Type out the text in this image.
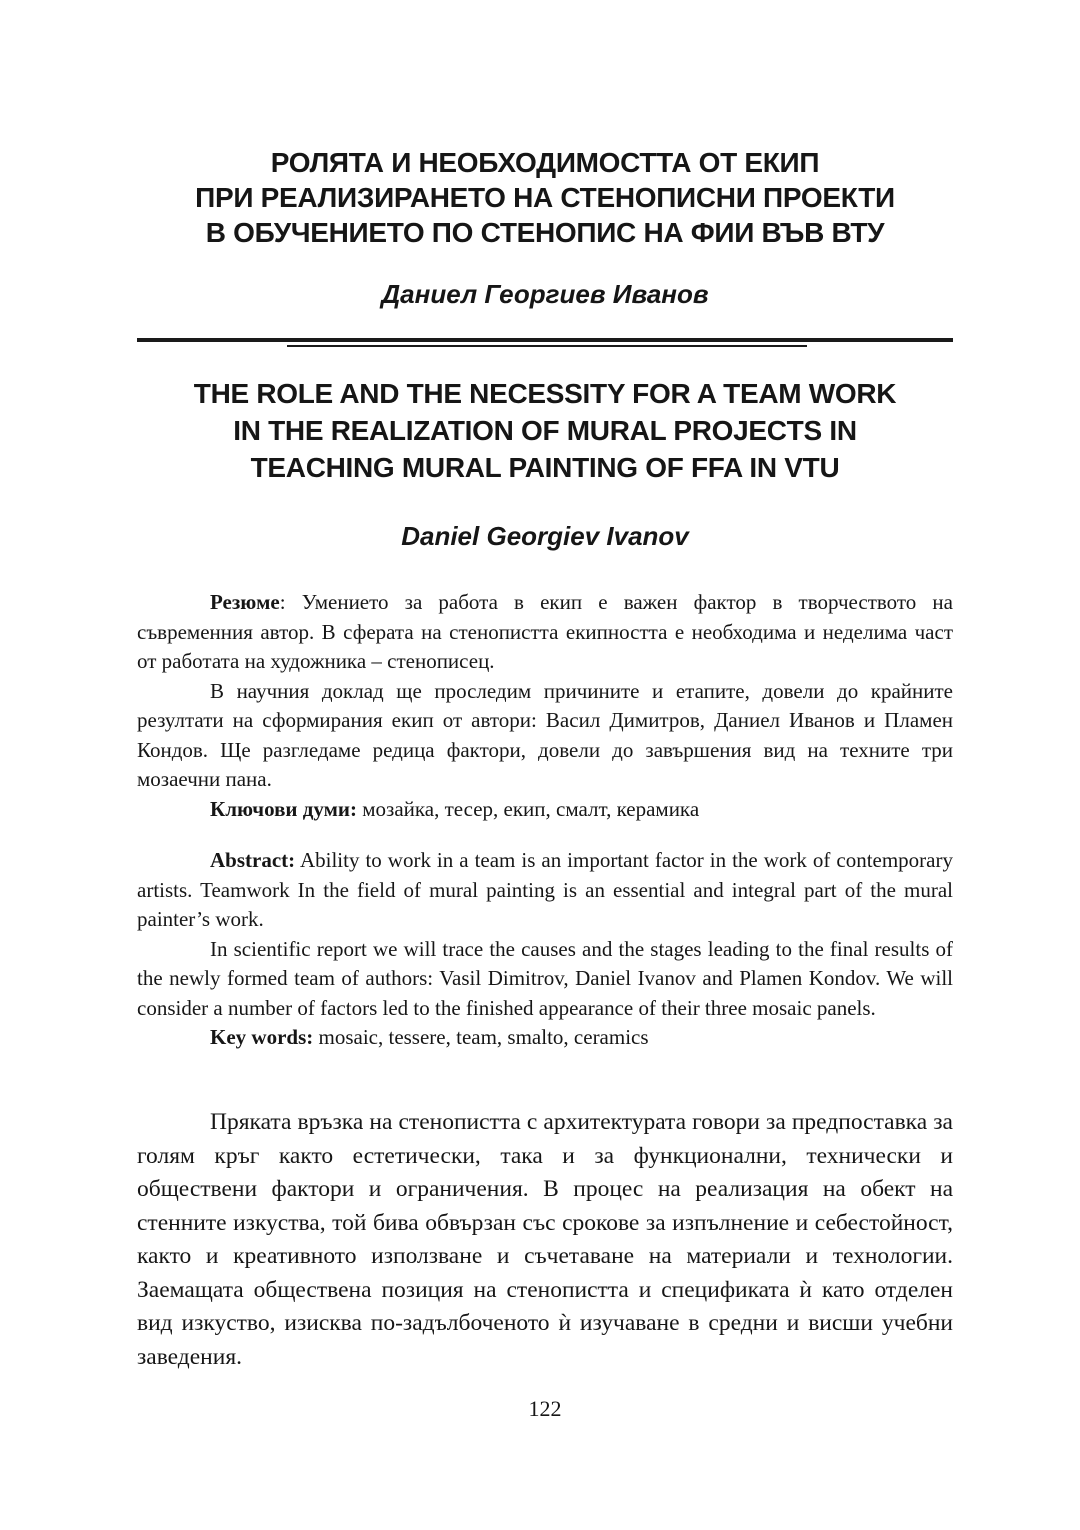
РОЛЯТА И НЕОБХОДИМОСТТА ОТ ЕКИП
ПРИ РЕАЛИЗИРАНЕТО НА СТЕНОПИСНИ ПРОЕКТИ
В ОБУЧЕНИЕТО ПО СТЕНОПИС НА ФИИ ВЪВ ВТУ
Даниел Георгиев Иванов
THE ROLE AND THE NECESSITY FOR A TEAM WORK
IN THE REALIZATION OF MURAL PROJECTS IN
TEACHING MURAL PAINTING OF FFA IN VTU
Daniel Georgiev Ivanov

Резюме: Умението за работа в екип е важен фактор в творчеството на съвременния автор. В сферата на стенопистта екипността е необходима и неделима част от работата на художника – стенописец.

В научния доклад ще проследим причините и етапите, довели до крайните резултати на сформирания екип от автори: Васил Димитров, Даниел Иванов и Пламен Кондов. Ще разгледаме редица фактори, довели до завършения вид на техните три мозаечни пана.

Ключови думи: мозайка, тесер, екип, смалт, керамика

Abstract: Ability to work in a team is an important factor in the work of contemporary artists. Teamwork In the field of mural painting is an essential and integral part of the mural painter’s work.

In scientific report we will trace the causes and the stages leading to the final results of the newly formed team of authors: Vasil Dimitrov, Daniel Ivanov and Plamen Kondov. We will consider a number of factors led to the finished appearance of their three mosaic panels.

Key words: mosaic, tessere, team, smalto, ceramics

Пряката връзка на стенопистта с архитектурата говори за предпоставка за голям кръг както естетически, така и за функционални, технически и обществени фактори и ограничения. В процес на реализация на обект на стенните изкуства, той бива обвързан със срокове за изпълнение и себестойност, както и креативното използване и съчетаване на материали и технологии. Заемащата обществена позиция на стенопистта и спецификата ѝ като отделен вид изкуство, изисква по-задълбоченото ѝ изучаване в средни и висши учебни заведения.

122
